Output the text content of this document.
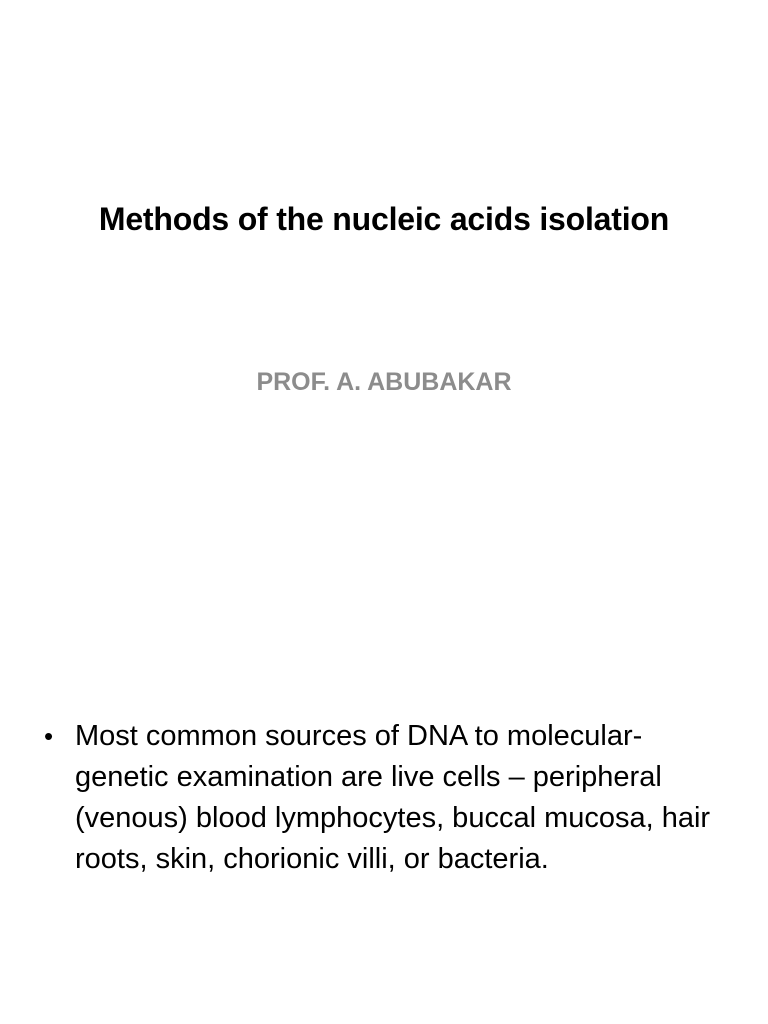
Methods of the nucleic acids isolation
PROF. A. ABUBAKAR
• Most common sources of DNA to molecular-genetic examination are live cells – peripheral (venous) blood lymphocytes, buccal mucosa, hair roots, skin, chorionic villi, or bacteria.
